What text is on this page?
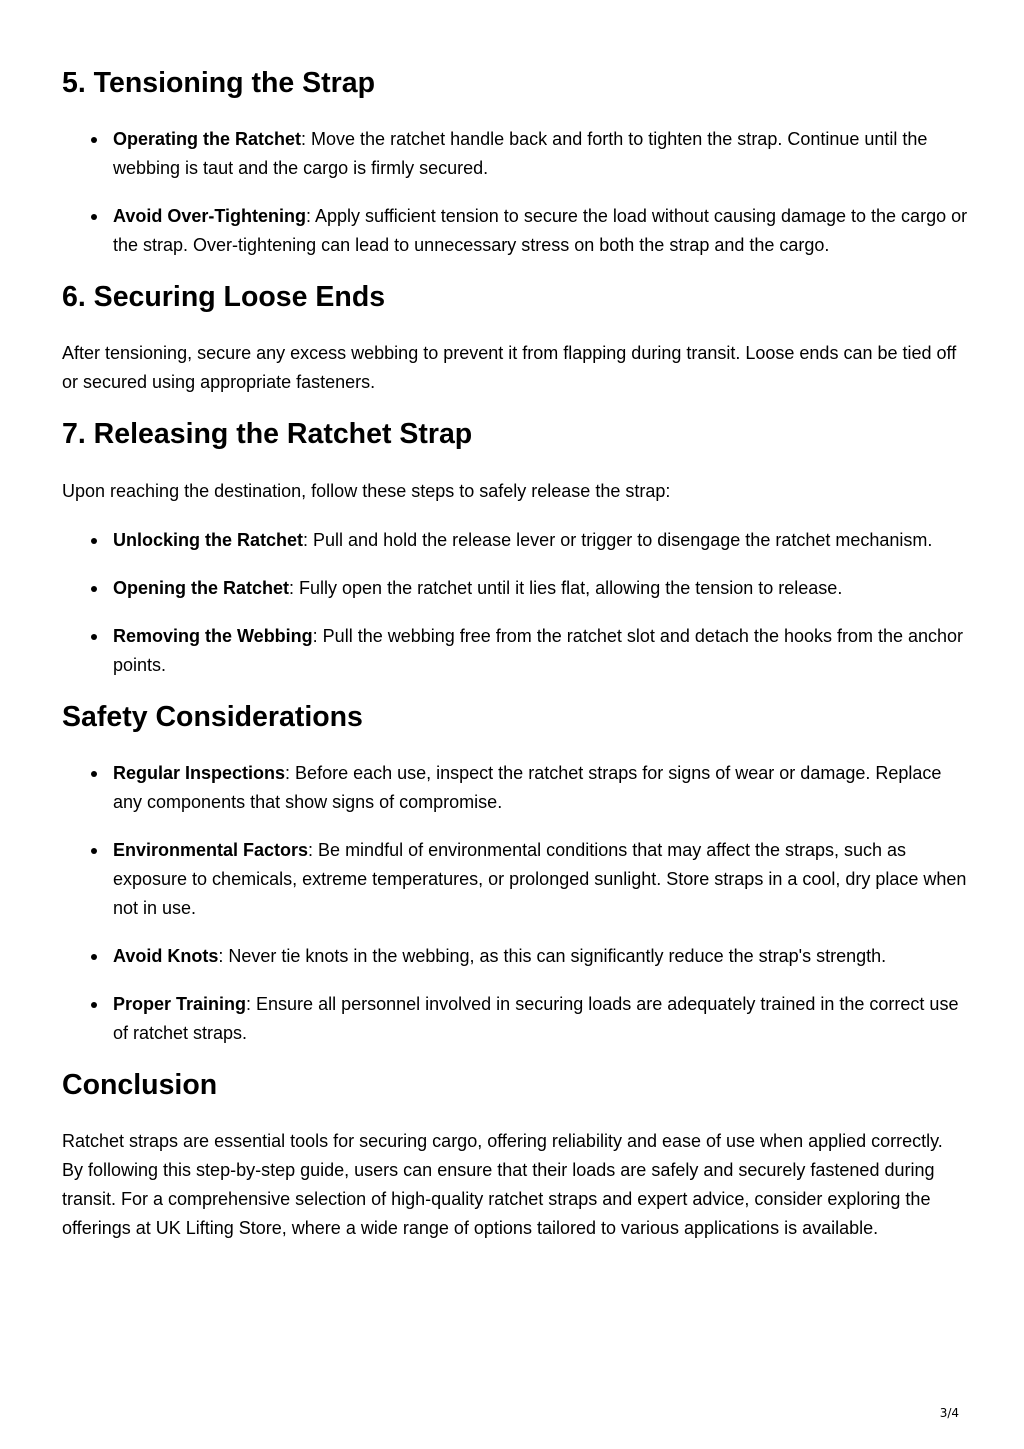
5. Tensioning the Strap
Operating the Ratchet: Move the ratchet handle back and forth to tighten the strap. Continue until the webbing is taut and the cargo is firmly secured.
Avoid Over-Tightening: Apply sufficient tension to secure the load without causing damage to the cargo or the strap. Over-tightening can lead to unnecessary stress on both the strap and the cargo.
6. Securing Loose Ends

After tensioning, secure any excess webbing to prevent it from flapping during transit. Loose ends can be tied off or secured using appropriate fasteners.

7. Releasing the Ratchet Strap

Upon reaching the destination, follow these steps to safely release the strap:

Unlocking the Ratchet: Pull and hold the release lever or trigger to disengage the ratchet mechanism.
Opening the Ratchet: Fully open the ratchet until it lies flat, allowing the tension to release.
Removing the Webbing: Pull the webbing free from the ratchet slot and detach the hooks from the anchor points.
Safety Considerations
Regular Inspections: Before each use, inspect the ratchet straps for signs of wear or damage. Replace any components that show signs of compromise.
Environmental Factors: Be mindful of environmental conditions that may affect the straps, such as exposure to chemicals, extreme temperatures, or prolonged sunlight. Store straps in a cool, dry place when not in use.
Avoid Knots: Never tie knots in the webbing, as this can significantly reduce the strap's strength.
Proper Training: Ensure all personnel involved in securing loads are adequately trained in the correct use of ratchet straps.
Conclusion

Ratchet straps are essential tools for securing cargo, offering reliability and ease of use when applied correctly. By following this step-by-step guide, users can ensure that their loads are safely and securely fastened during transit. For a comprehensive selection of high-quality ratchet straps and expert advice, consider exploring the offerings at UK Lifting Store, where a wide range of options tailored to various applications is available.

3/4
